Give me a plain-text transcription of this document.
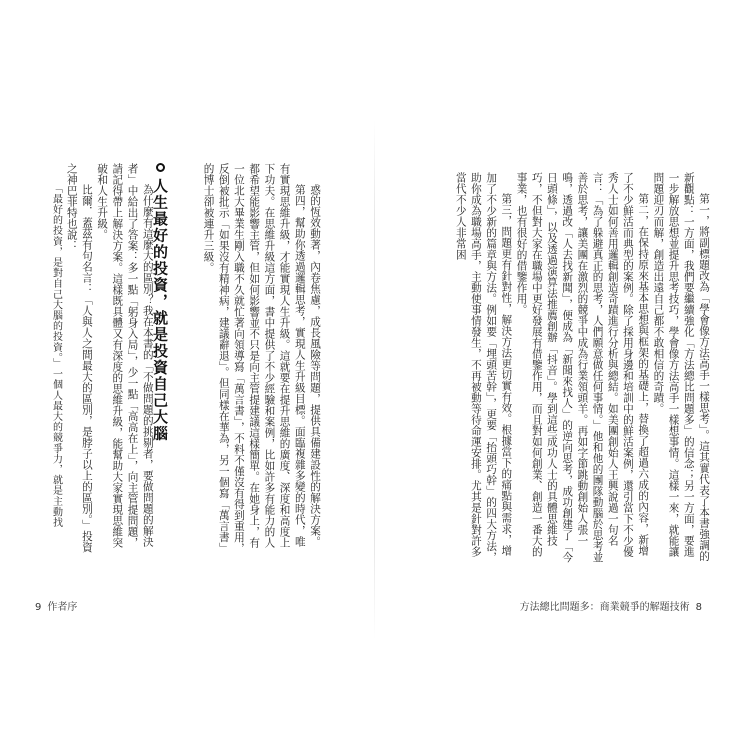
惑的恆效動著，內卷焦慮，成長風險等問題，提供具備建設性的解決方案。

第四，幫助你透過邏輯思考，實現人生升級目標。面臨複雜多變的時代，唯有實現思維升級，才能實現人生升級。這就要在提升思維的廣度、深度和高度上下功夫。在思維升級這方面，書中提供了不少經驗和案例，比如許多有能力的人都希望能影響主管，但如何影響並不只是向主管提建議這樣簡單。在她身上，有一位北大畢業生剛入職不久就忙著向領導寫「萬言書」，不料不僅沒有得到重用，反倒被批示「如果沒有精神病，建議辭退」。但同樣在華為，另一個寫「萬言書」的博士卻被連升三級。

為什麼有這麼大的區別？我在本書的「不做問題的挑剔者，要做問題的解決者」中給出了答案：多一點「躬身入局」，少一點「高高在上」，向主管提問題，請記得帶上解決方案。這樣既具體又有深度的思維升級，能幫助大家實現思維突破和人生升級。

比爾．蓋茲有句名言：「人與人之間最大的區別，是脖子以上的區別。」投資之神巴菲特也說：

「最好的投資，是對自己大腦的投資。」一個人最大的競爭力，就是主動找	人生最好的投資，就是投資自己大腦
9 作者序

第一，將副標題改為「學會像方法高手一樣思考」。這其實代表了本書強調的新觀點：一方面，我們要繼續強化「方法總比問題多」的信念；另一方面，要進一步解放思想並提升思考技巧，學會像方法高手一樣想事情。這樣一來，就能讓問題迎刃而解，創造出遠自己都不敢相信的奇蹟。

第二，在保持原來基本思想與框架的基礎上，替換了超過六成的內容，新增了不少鮮活而典型的案例。除了採用身邊和培訓中的鮮活案例，還引當下不少優秀人士如何善用邏輯創造奇蹟進行分析與總結。如美團創始人王興說過一句名言：「為了躲避真正的思考，人們願意做任何事情。」他和他的團隊動腦於思考並善於思考，讓美團在激烈的競爭中成為行業領頭羊。再如字節跳動創始人張一鳴，透過改「人去找新聞」，便成為「新聞來找人」的逆向思考，成功創建了「今日頭條」，以及透過演算法推薦創辦「抖音」。學到這些成功人士的具體思維技巧，不但對大家在職場中更好發展有借鑒作用，而且對如何創業、創造一番大的事業，也有很好的借鑒作用。

第三，問題更有針對性，解決方法更切實有效。根據當下的痛點與需求，增加了不少新的篇章與方法。例如要「埋頭苦幹」，更要「抬頭巧幹」的四大方法，助你成為職場高手，主動使事情發生，不再被動等待命運安排。尤其是針對許多當代不少人非常困

方法總比問題多：商業競爭的解題技術 8
